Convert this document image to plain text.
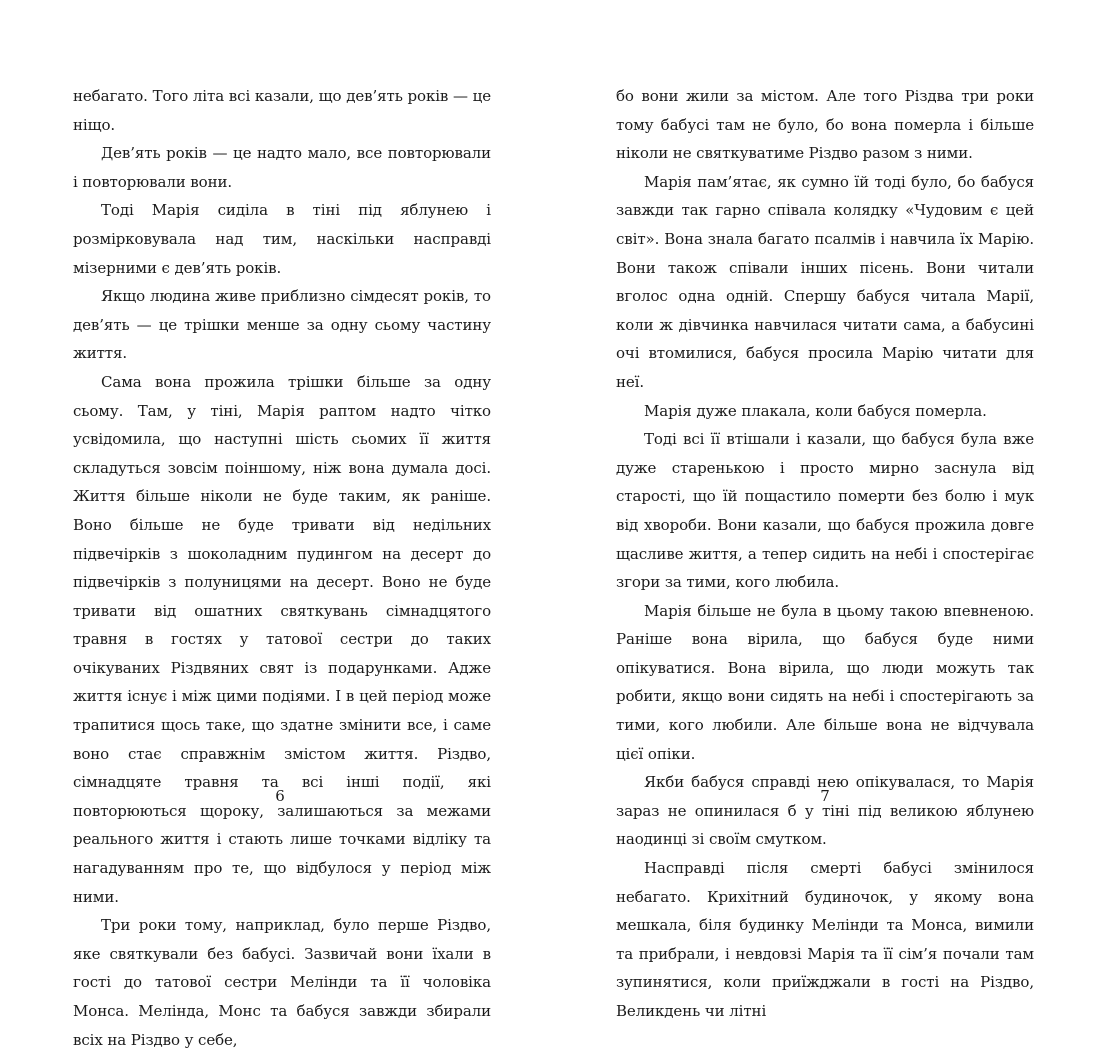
небагато. Того літа всі казали, що дев’ять років — це ніщо.

Дев’ять років — це надто мало, все повторювали і повторювали вони.

Тоді Марія сиділа в тіні під яблунею і розмірковувала над тим, наскільки насправді мізерними є дев’ять років.

Якщо людина живе приблизно сімдесят років, то дев’ять — це трішки менше за одну сьому частину життя.

Сама вона прожила трішки більше за одну сьому. Там, у тіні, Марія раптом надто чітко усвідомила, що наступні шість сьомих її життя складуться зовсім поіншому, ніж вона думала досі. Життя більше ніколи не буде таким, як раніше. Воно більше не буде тривати від недільних підвечірків з шоколадним пудингом на десерт до підвечірків з полуницями на десерт. Воно не буде тривати від ошатних святкувань сімнадцятого травня в гостях у татової сестри до таких очікуваних Різдвяних свят із подарунками. Адже життя існує і між цими подіями. І в цей період може трапитися щось таке, що здатне змінити все, і саме воно стає справжнім змістом життя. Різдво, сімнадцяте травня та всі інші події, які повторюються щороку, залишаються за межами реального життя і стають лише точками відліку та нагадуванням про те, що відбулося у період між ними.

Три роки тому, наприклад, було перше Різдво, яке святкували без бабусі. Зазвичай вони їхали в гості до татової сестри Мелінди та її чоловіка Монса. Мелінда, Монс та бабуся завжди збирали всіх на Різдво у себе,

6

бо вони жили за містом. Але того Різдва три роки тому бабусі там не було, бо вона померла і більше ніколи не святкуватиме Різдво разом з ними.

Марія пам’ятає, як сумно їй тоді було, бо бабуся завжди так гарно співала колядку «Чудовим є цей світ». Вона знала багато псалмів і навчила їх Марію. Вони також співали інших пісень. Вони читали вголос одна одній. Спершу бабуся читала Марії, коли ж дівчинка навчилася читати сама, а бабусині очі втомилися, бабуся просила Марію читати для неї.

Марія дуже плакала, коли бабуся померла.

Тоді всі її втішали і казали, що бабуся була вже дуже старенькою і просто мирно заснула від старості, що їй пощастило померти без болю і мук від хвороби. Вони казали, що бабуся прожила довге щасливе життя, а тепер сидить на небі і спостерігає згори за тими, кого любила.

Марія більше не була в цьому такою впевненою. Раніше вона вірила, що бабуся буде ними опікуватися. Вона вірила, що люди можуть так робити, якщо вони сидять на небі і спостерігають за тими, кого любили. Але більше вона не відчувала цієї опіки.

Якби бабуся справді нею опікувалася, то Марія зараз не опинилася б у тіні під великою яблунею наодинці зі своїм смутком.

Насправді після смерті бабусі змінилося небагато. Крихітний будиночок, у якому вона мешкала, біля будинку Мелінди та Монса, вимили та прибрали, і невдовзі Марія та її сім’я почали там зупинятися, коли приїжджали в гості на Різдво, Великдень чи літні

7
